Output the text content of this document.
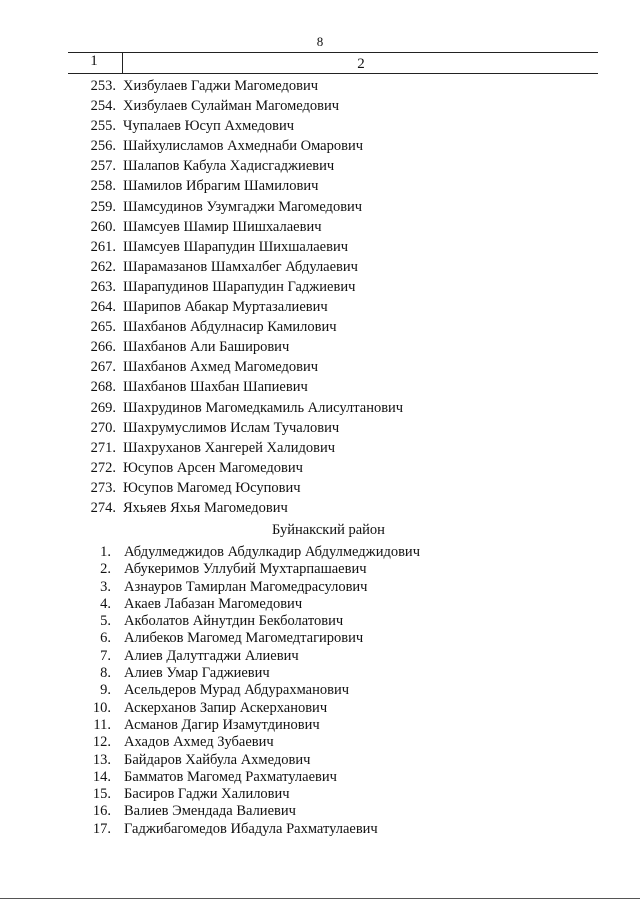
8
1	2
253. Хизбулаев Гаджи Магомедович
254. Хизбулаев Сулайман Магомедович
255. Чупалаев Юсуп Ахмедович
256. Шайхулисламов Ахмеднаби Омарович
257. Шалапов Кабула Хадисгаджиевич
258. Шамилов Ибрагим Шамилович
259. Шамсудинов Узумгаджи Магомедович
260. Шамсуев Шамир Шишхалаевич
261. Шамсуев Шарапудин Шихшалаевич
262. Шарамазанов Шамхалбег Абдулаевич
263. Шарапудинов Шарапудин Гаджиевич
264. Шарипов Абакар Муртазалиевич
265. Шахбанов Абдулнасир Камилович
266. Шахбанов Али Баширович
267. Шахбанов Ахмед Магомедович
268. Шахбанов Шахбан Шапиевич
269. Шахрудинов Магомедкамиль Алисултанович
270. Шахрумуслимов Ислам Тучалович
271. Шахруханов Хангерей Халидович
272. Юсупов Арсен Магомедович
273. Юсупов Магомед Юсупович
274. Яхьяев Яхья Магомедович
Буйнакский район
1. Абдулмеджидов Абдулкадир Абдулмеджидович
2. Абукеримов Уллубий Мухтарпашаевич
3. Азнауров Тамирлан Магомедрасулович
4. Акаев Лабазан Магомедович
5. Акболатов Айнутдин Бекболатович
6. Алибеков Магомед Магомедтагирович
7. Алиев Далутгаджи Алиевич
8. Алиев Умар Гаджиевич
9. Асельдеров Мурад Абдурахманович
10. Аскерханов Запир Аскерханович
11. Асманов Дагир Изамутдинович
12. Ахадов Ахмед Зубаевич
13. Байдаров Хайбула Ахмедович
14. Бамматов Магомед Рахматулаевич
15. Басиров Гаджи Халилович
16. Валиев Эмендада Валиевич
17. Гаджибагомедов Ибадула Рахматулаевич
